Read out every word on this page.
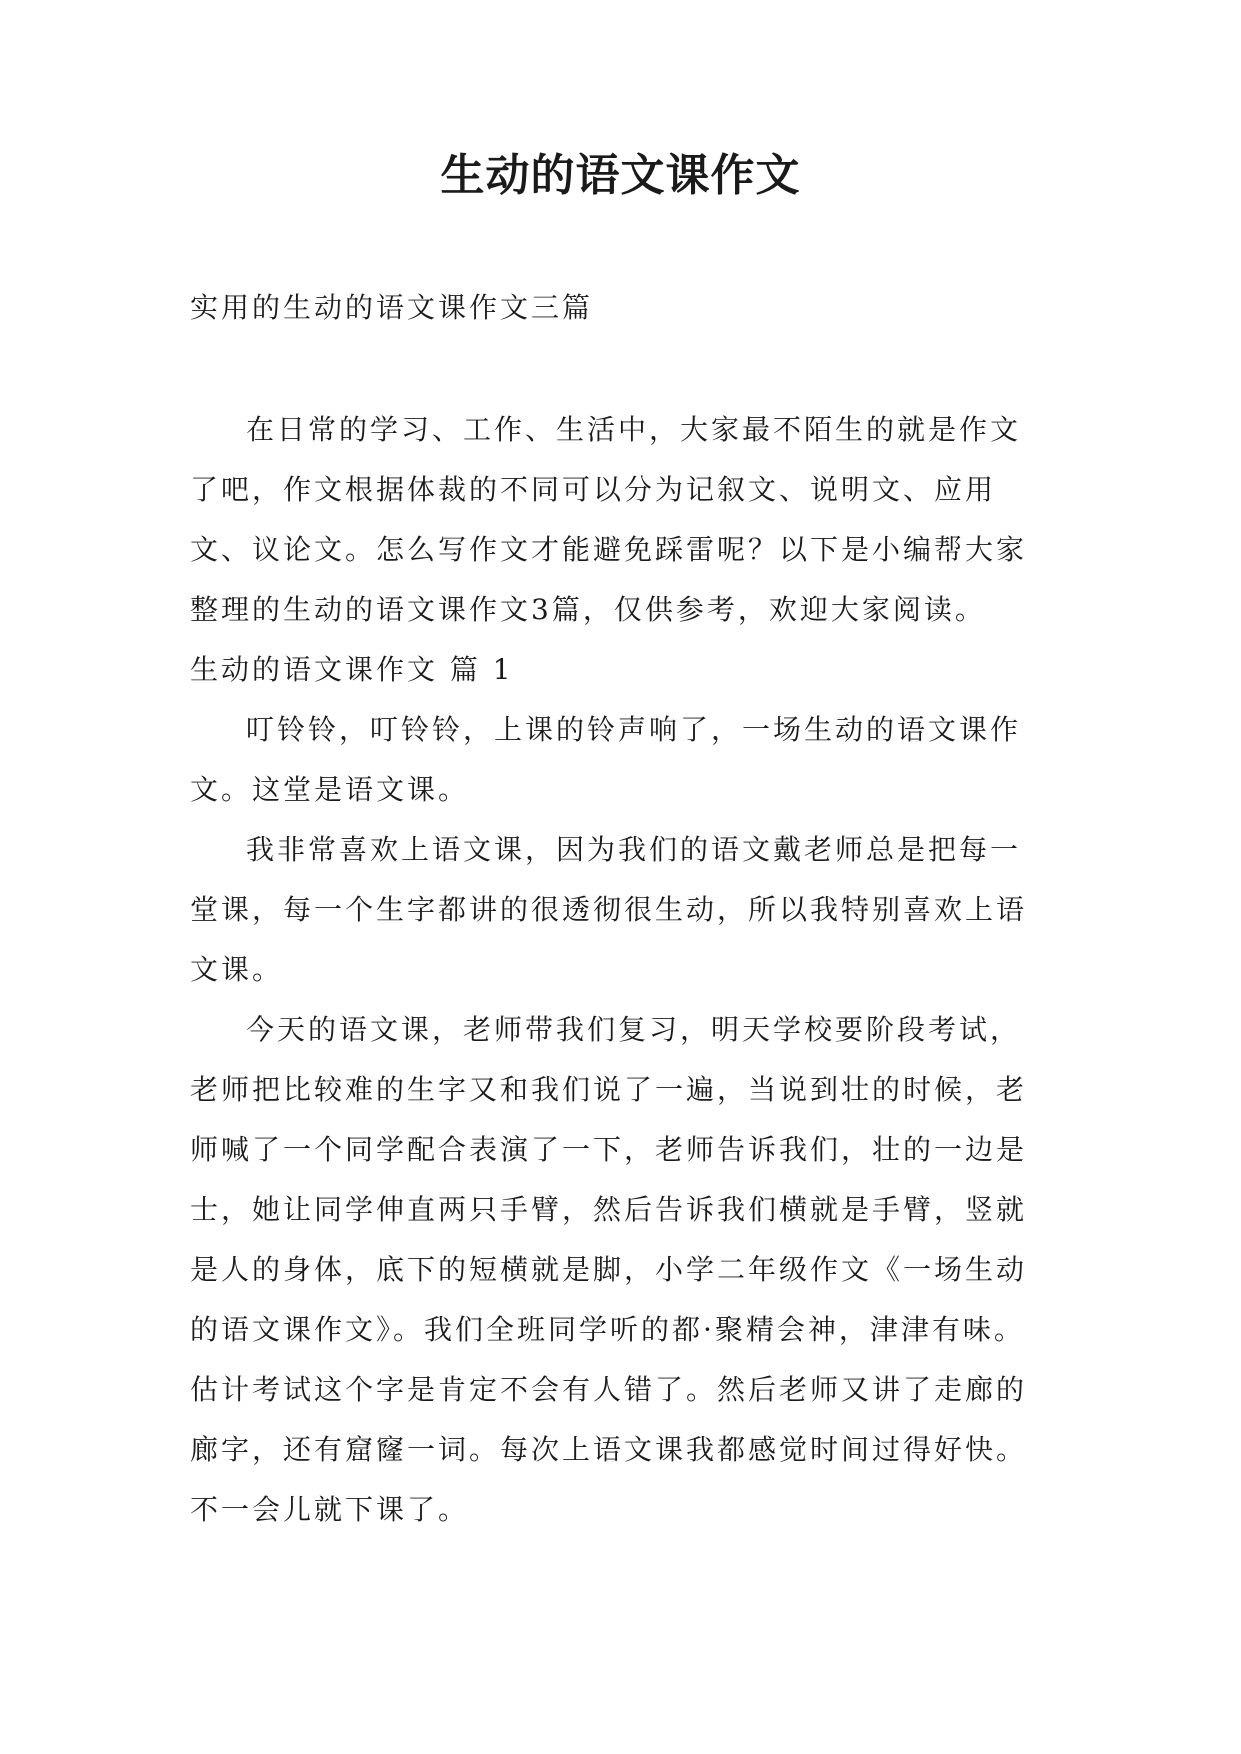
生动的语文课作文

实用的生动的语文课作文三篇

在日常的学习、工作、生活中，大家最不陌生的就是作文了吧，作文根据体裁的不同可以分为记叙文、说明文、应用文、议论文。怎么写作文才能避免踩雷呢？以下是小编帮大家整理的生动的语文课作文3篇，仅供参考，欢迎大家阅读。

生动的语文课作文 篇 1

叮铃铃，叮铃铃，上课的铃声响了，一场生动的语文课作文。这堂是语文课。

我非常喜欢上语文课，因为我们的语文戴老师总是把每一堂课，每一个生字都讲的很透彻很生动，所以我特别喜欢上语文课。

今天的语文课，老师带我们复习，明天学校要阶段考试，老师把比较难的生字又和我们说了一遍，当说到壮的时候，老师喊了一个同学配合表演了一下，老师告诉我们，壮的一边是士，她让同学伸直两只手臂，然后告诉我们横就是手臂，竖就是人的身体，底下的短横就是脚，小学二年级作文《一场生动的语文课作文》。我们全班同学听的都·聚精会神，津津有味。估计考试这个字是肯定不会有人错了。然后老师又讲了走廊的廊字，还有窟窿一词。每次上语文课我都感觉时间过得好快。不一会儿就下课了。
